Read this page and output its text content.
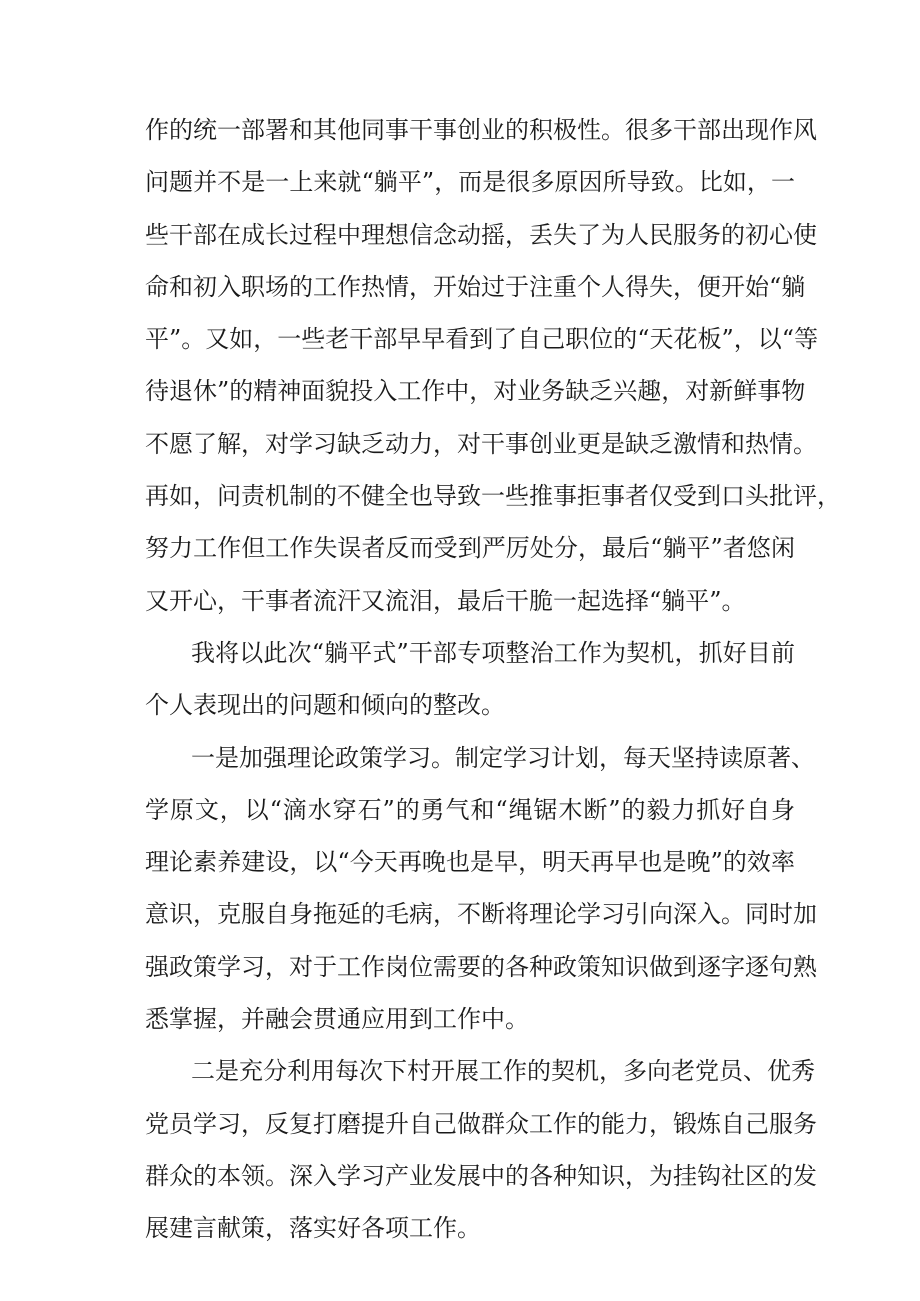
作的统一部署和其他同事干事创业的积极性。很多干部出现作风
问题并不是一上来就“躺平”，而是很多原因所导致。比如，一
些干部在成长过程中理想信念动摇，丢失了为人民服务的初心使
命和初入职场的工作热情，开始过于注重个人得失，便开始“躺
平”。又如，一些老干部早早看到了自己职位的“天花板”，以“等
待退休”的精神面貌投入工作中，对业务缺乏兴趣，对新鲜事物
不愿了解，对学习缺乏动力，对干事创业更是缺乏激情和热情。
再如，问责机制的不健全也导致一些推事拒事者仅受到口头批评，
努力工作但工作失误者反而受到严厉处分，最后“躺平”者悠闲
又开心，干事者流汗又流泪，最后干脆一起选择“躺平”。
我将以此次“躺平式”干部专项整治工作为契机，抓好目前
个人表现出的问题和倾向的整改。
一是加强理论政策学习。制定学习计划，每天坚持读原著、
学原文，以“滴水穿石”的勇气和“绳锯木断”的毅力抓好自身
理论素养建设，以“今天再晚也是早，明天再早也是晚”的效率
意识，克服自身拖延的毛病，不断将理论学习引向深入。同时加
强政策学习，对于工作岗位需要的各种政策知识做到逐字逐句熟
悉掌握，并融会贯通应用到工作中。
二是充分利用每次下村开展工作的契机，多向老党员、优秀
党员学习，反复打磨提升自己做群众工作的能力，锻炼自己服务
群众的本领。深入学习产业发展中的各种知识，为挂钩社区的发
展建言献策，落实好各项工作。
